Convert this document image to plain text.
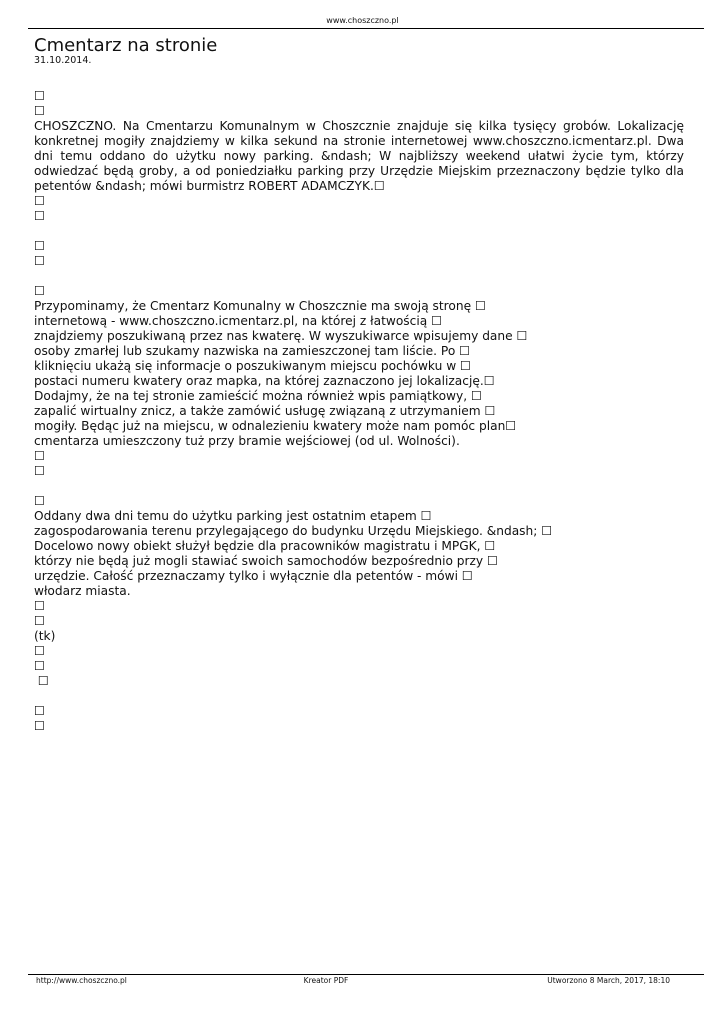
www.choszczno.pl
Cmentarz na stronie
31.10.2014.
☐
☐
CHOSZCZNO. Na Cmentarzu Komunalnym w Choszcznie znajduje się kilka tysięcy grobów. Lokalizację konkretnej mogiły znajdziemy w kilka sekund na stronie internetowej www.choszczno.icmentarz.pl. Dwa dni temu oddano do użytku nowy parking. &ndash; W najbliższy weekend ułatwi życie tym, którzy odwiedzać będą groby, a od poniedziałku parking przy Urzędzie Miejskim przeznaczony będzie tylko dla petentów &ndash; mówi burmistrz ROBERT ADAMCZYK.☐
☐
☐
☐
☐
☐
Przypominamy, że Cmentarz Komunalny w Choszcznie ma swoją stronę ☐
internetową - www.choszczno.icmentarz.pl, na której z łatwością ☐
znajdziemy poszukiwaną przez nas kwaterę. W wyszukiwarce wpisujemy dane ☐
osoby zmarłej lub szukamy nazwiska na zamieszczonej tam liście. Po ☐
kliknięciu ukażą się informacje o poszukiwanym miejscu pochówku w ☐
postaci numeru kwatery oraz mapka, na której zaznaczono jej lokalizację.☐
Dodajmy, że na tej stronie zamieścić można również wpis pamiątkowy, ☐
zapalić wirtualny znicz, a także zamówić usługę związaną z utrzymaniem ☐
mogiły. Będąc już na miejscu, w odnalezieniu kwatery może nam pomóc plan☐
cmentarza umieszczony tuż przy bramie wejściowej (od ul. Wolności).
☐
☐
☐
Oddany dwa dni temu do użytku parking jest ostatnim etapem ☐
zagospodarowania terenu przylegającego do budynku Urzędu Miejskiego. &ndash; ☐
Docelowo nowy obiekt służył będzie dla pracowników magistratu i MPGK, ☐
którzy nie będą już mogli stawiać swoich samochodów bezpośrednio przy ☐
urzędzie. Całość przeznaczamy tylko i wyłącznie dla petentów - mówi ☐
włodarz miasta.
☐
☐
(tk)
☐
☐
☐
☐
☐
http://www.choszczno.pl	Kreator PDF	Utworzono 8 March, 2017, 18:10
